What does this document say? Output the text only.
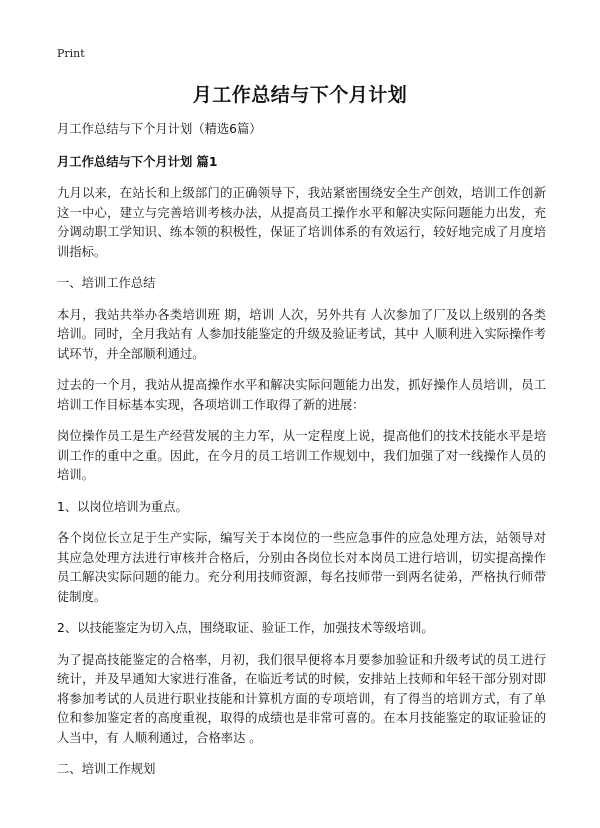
Print
月工作总结与下个月计划

月工作总结与下个月计划（精选6篇）

月工作总结与下个月计划 篇1

九月以来，在站长和上级部门的正确领导下，我站紧密围绕安全生产创效，培训工作创新这一中心，建立与完善培训考核办法，从提高员工操作水平和解决实际问题能力出发，充分调动职工学知识、练本领的积极性，保证了培训体系的有效运行，较好地完成了月度培训指标。

一、培训工作总结

本月，我站共举办各类培训班 期，培训 人次，另外共有 人次参加了厂及以上级别的各类培训。同时，全月我站有 人参加技能鉴定的升级及验证考试，其中 人顺利进入实际操作考试环节，并全部顺利通过。

过去的一个月，我站从提高操作水平和解决实际问题能力出发，抓好操作人员培训，员工培训工作目标基本实现，各项培训工作取得了新的进展：

岗位操作员工是生产经营发展的主力军，从一定程度上说，提高他们的技术技能水平是培训工作的重中之重。因此，在今月的员工培训工作规划中，我们加强了对一线操作人员的培训。

1、以岗位培训为重点。

各个岗位长立足于生产实际，编写关于本岗位的一些应急事件的应急处理方法，站领导对其应急处理方法进行审核并合格后，分别由各岗位长对本岗员工进行培训，切实提高操作员工解决实际问题的能力。充分利用技师资源，每名技师带一到两名徒弟，严格执行师带徒制度。

2、以技能鉴定为切入点，围绕取证、验证工作，加强技术等级培训。

为了提高技能鉴定的合格率，月初，我们很早便将本月要参加验证和升级考试的员工进行统计，并及早通知大家进行准备，在临近考试的时候，安排站上技师和年轻干部分别对即将参加考试的人员进行职业技能和计算机方面的专项培训，有了得当的培训方式，有了单位和参加鉴定者的高度重视，取得的成绩也是非常可喜的。在本月技能鉴定的取证验证的 人当中，有 人顺利通过，合格率达 。

二、培训工作规划
